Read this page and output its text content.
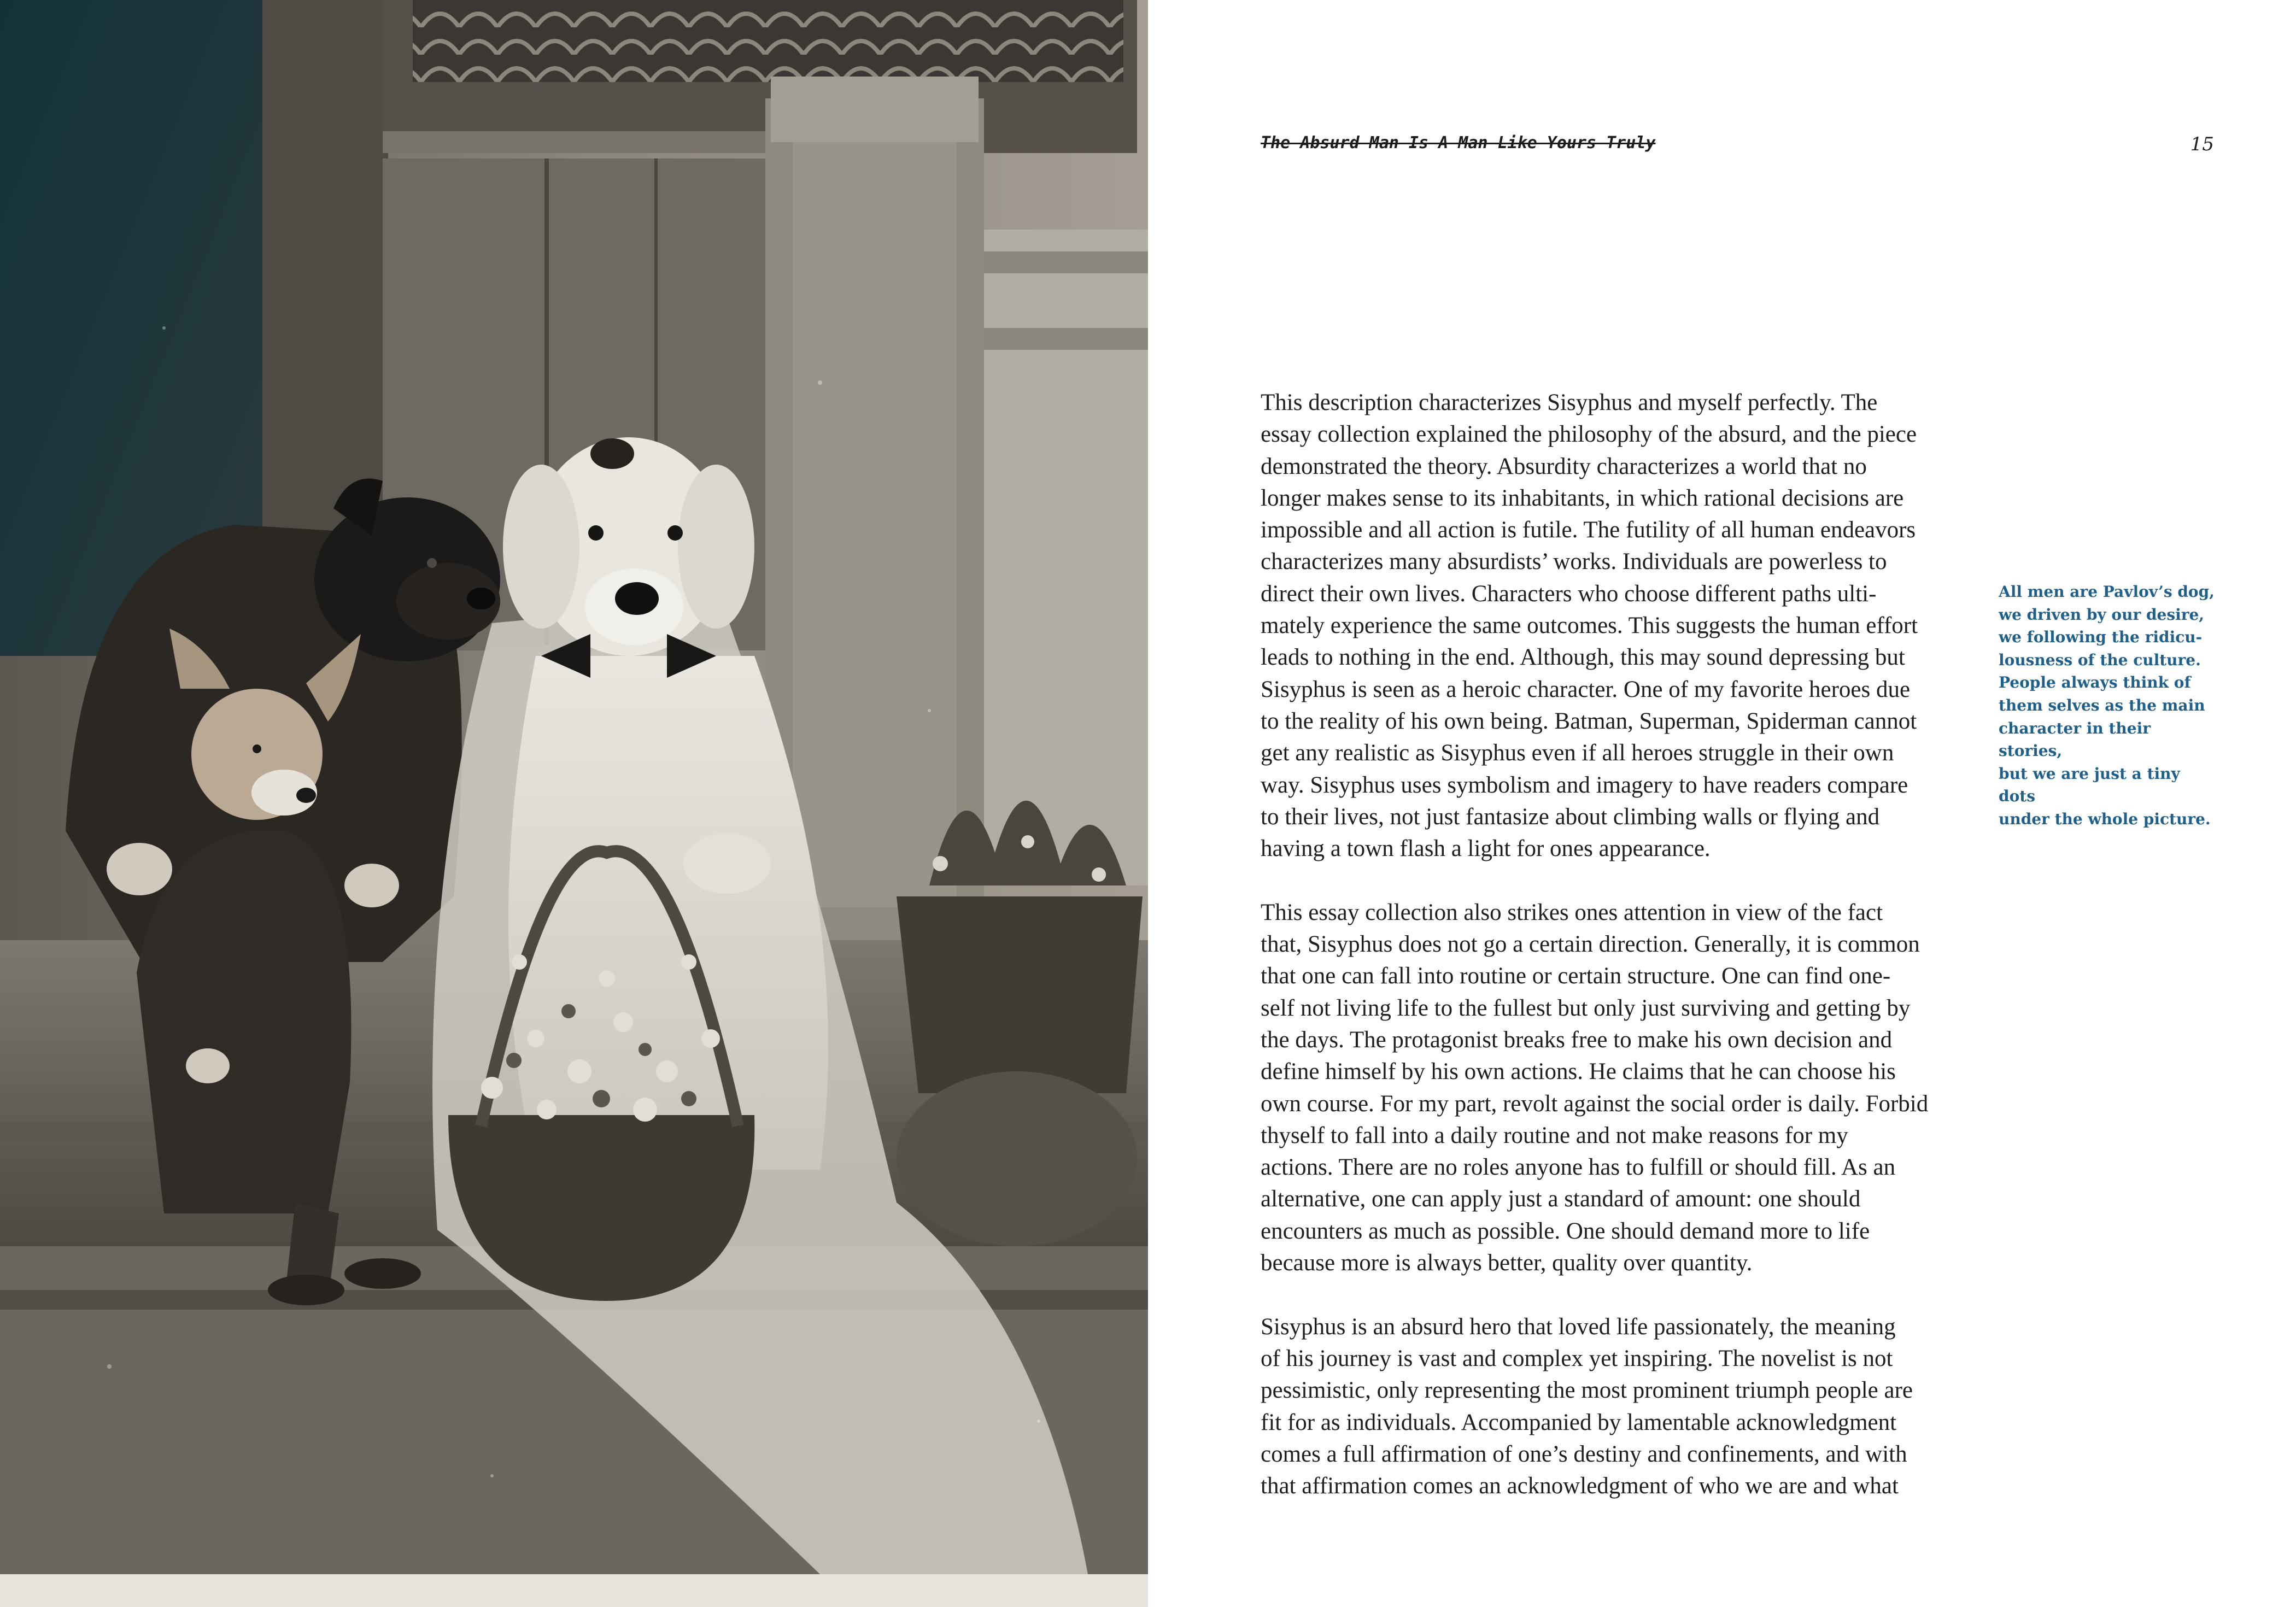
The Absurd Man Is A Man Like Yours Truly	15

This description characterizes Sisyphus and myself perfectly. The
essay collection explained the philosophy of the absurd, and the piece
demonstrated the theory. Absurdity characterizes a world that no
longer makes sense to its inhabitants, in which rational decisions are
impossible and all action is futile. The futility of all human endeavors
characterizes many absurdists’ works. Individuals are powerless to
direct their own lives. Characters who choose different paths ulti-
mately experience the same outcomes. This suggests the human effort
leads to nothing in the end. Although, this may sound depressing but
Sisyphus is seen as a heroic character. One of my favorite heroes due
to the reality of his own being. Batman, Superman, Spiderman cannot
get any realistic as Sisyphus even if all heroes struggle in their own
way. Sisyphus uses symbolism and imagery to have readers compare
to their lives, not just fantasize about climbing walls or flying and
having a town flash a light for ones appearance.

This essay collection also strikes ones attention in view of the fact
that, Sisyphus does not go a certain direction. Generally, it is common
that one can fall into routine or certain structure. One can find one-
self not living life to the fullest but only just surviving and getting by
the days. The protagonist breaks free to make his own decision and
define himself by his own actions. He claims that he can choose his
own course. For my part, revolt against the social order is daily. Forbid
thyself to fall into a daily routine and not make reasons for my
actions. There are no roles anyone has to fulfill or should fill. As an
alternative, one can apply just a standard of amount: one should
encounters as much as possible. One should demand more to life
because more is always better, quality over quantity.

Sisyphus is an absurd hero that loved life passionately, the meaning
of his journey is vast and complex yet inspiring. The novelist is not
pessimistic, only representing the most prominent triumph people are
fit for as individuals. Accompanied by lamentable acknowledgment
comes a full affirmation of one’s destiny and confinements, and with
that affirmation comes an acknowledgment of who we are and what

All men are Pavlov’s dog,
we driven by our desire,
we following the ridicu-
lousness of the culture.
People always think of
them selves as the main
character in their stories,
but we are just a tiny dots
under the whole picture.
